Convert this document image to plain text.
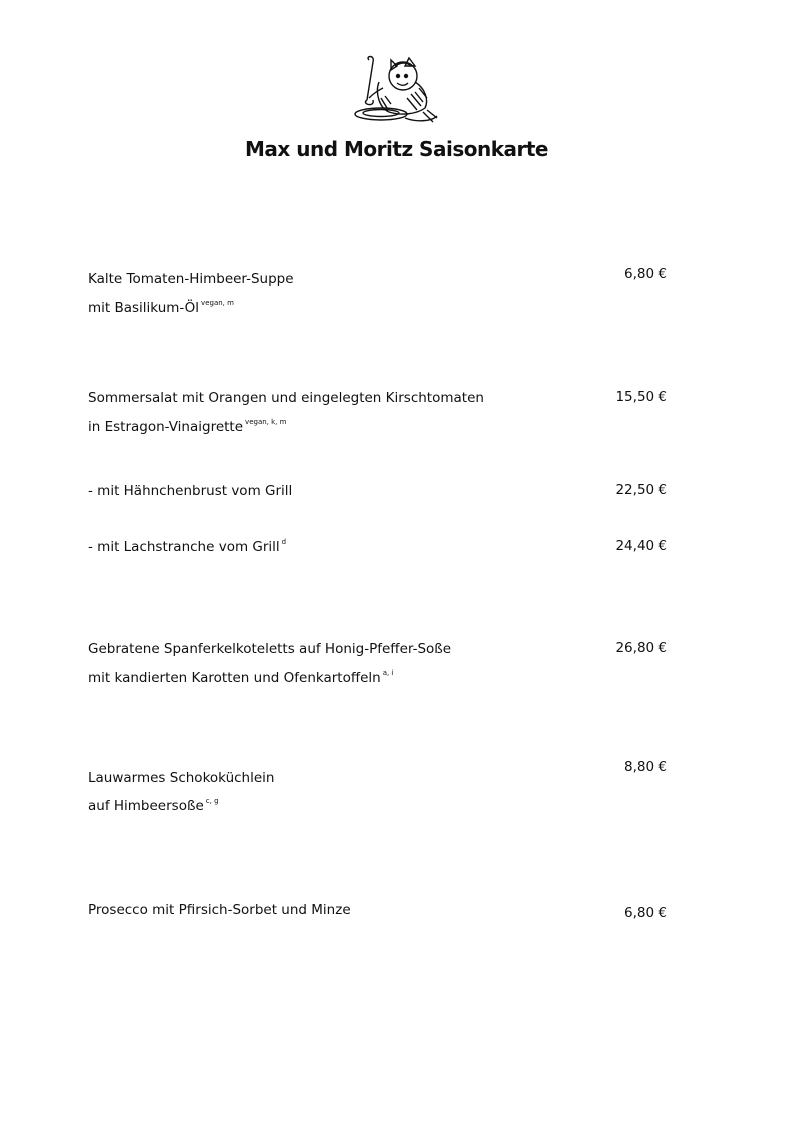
Max und Moritz Saisonkarte
Kalte Tomaten-Himbeer-Suppe
mit Basilikum-Öl $^{vegan, m}$
6,80 €
Sommersalat mit Orangen und eingelegten Kirschtomaten
in Estragon-Vinaigrette $^{vegan, k, m}$
15,50 €
- mit Hähnchenbrust vom Grill	22,50 €
- mit Lachstranche vom Grill $^d$	24,40 €
Gebratene Spanferkelkoteletts auf Honig-Pfeffer-Soße
mit kandierten Karotten und Ofenkartoffeln $^{a, i}$
26,80 €
Lauwarmes Schokoküchlein
auf Himbeersoße $^{c, g}$
8,80 €
Prosecco mit Pfirsich-Sorbet und Minze	6,80 €
